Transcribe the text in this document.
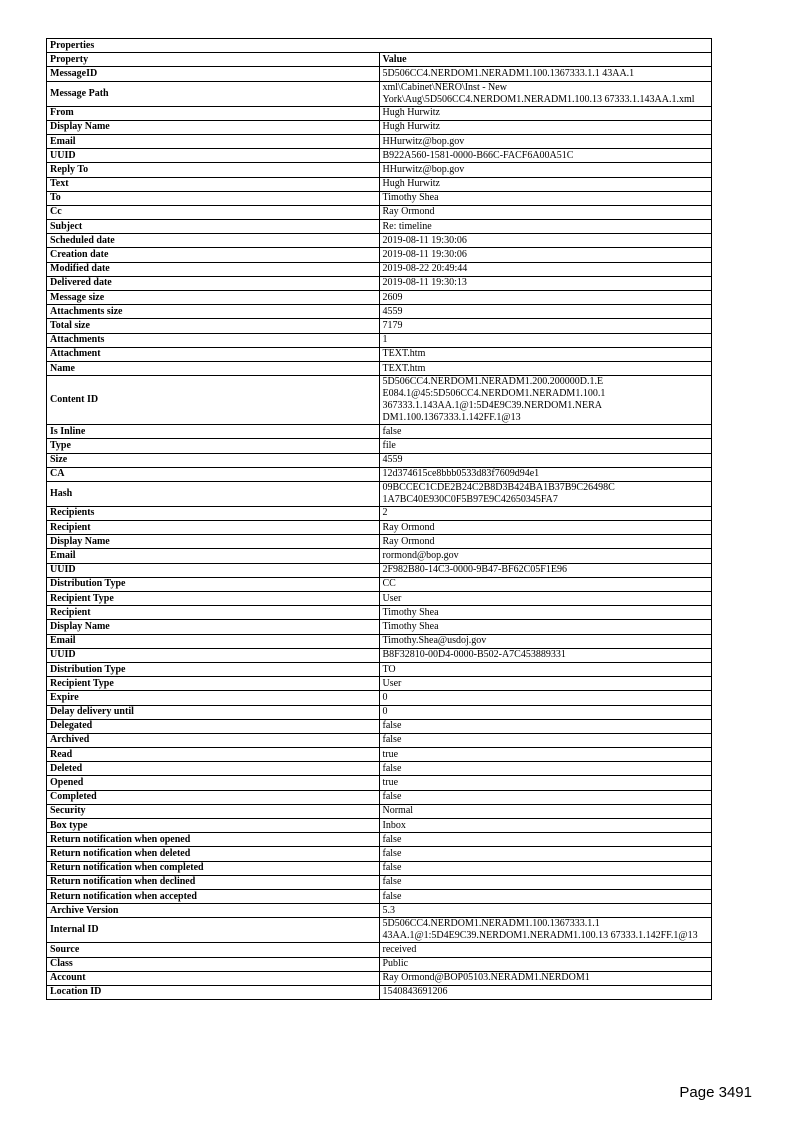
Properties	
Property	Value
MessageID	5D506CC4.NERDOM1.NERADM1.100.1367333.1.1 43AA.1
Message Path	xml\Cabinet\NERO\Inst - New York\Aug\5D506CC4.NERDOM1.NERADM1.100.13 67333.1.143AA.1.xml
From	Hugh Hurwitz
Display Name	Hugh Hurwitz
Email	HHurwitz@bop.gov
UUID	B922A560-1581-0000-B66C-FACF6A00A51C
Reply To	HHurwitz@bop.gov
Text	Hugh Hurwitz
To	Timothy Shea
Cc	Ray Ormond
Subject	Re: timeline
Scheduled date	2019-08-11 19:30:06
Creation date	2019-08-11 19:30:06
Modified date	2019-08-22 20:49:44
Delivered date	2019-08-11 19:30:13
Message size	2609
Attachments size	4559
Total size	7179
Attachments	1
Attachment	TEXT.htm
Name	TEXT.htm
Content ID	5D506CC4.NERDOM1.NERADM1.200.200000D.1.E E084.1@45:5D506CC4.NERDOM1.NERADM1.100.1 367333.1.143AA.1@1:5D4E9C39.NERDOM1.NERA DM1.100.1367333.1.142FF.1@13
Is Inline	false
Type	file
Size	4559
CA	12d374615ce8bbb0533d83f7609d94e1
Hash	09BCCEC1CDE2B24C2B8D3B424BA1B37B9C26498C 1A7BC40E930C0F5B97E9C42650345FA7
Recipients	2
Recipient	Ray Ormond
Display Name	Ray Ormond
Email	rormond@bop.gov
UUID	2F982B80-14C3-0000-9B47-BF62C05F1E96
Distribution Type	CC
Recipient Type	User
Recipient	Timothy Shea
Display Name	Timothy Shea
Email	Timothy.Shea@usdoj.gov
UUID	B8F32810-00D4-0000-B502-A7C453889331
Distribution Type	TO
Recipient Type	User
Expire	0
Delay delivery until	0
Delegated	false
Archived	false
Read	true
Deleted	false
Opened	true
Completed	false
Security	Normal
Box type	Inbox
Return notification when opened	false
Return notification when deleted	false
Return notification when completed	false
Return notification when declined	false
Return notification when accepted	false
Archive Version	5.3
Internal ID	5D506CC4.NERDOM1.NERADM1.100.1367333.1.1 43AA.1@1:5D4E9C39.NERDOM1.NERADM1.100.13 67333.1.142FF.1@13
Source	received
Class	Public
Account	Ray Ormond@BOP05103.NERADM1.NERDOM1
Location ID	1540843691206
Page 3491
